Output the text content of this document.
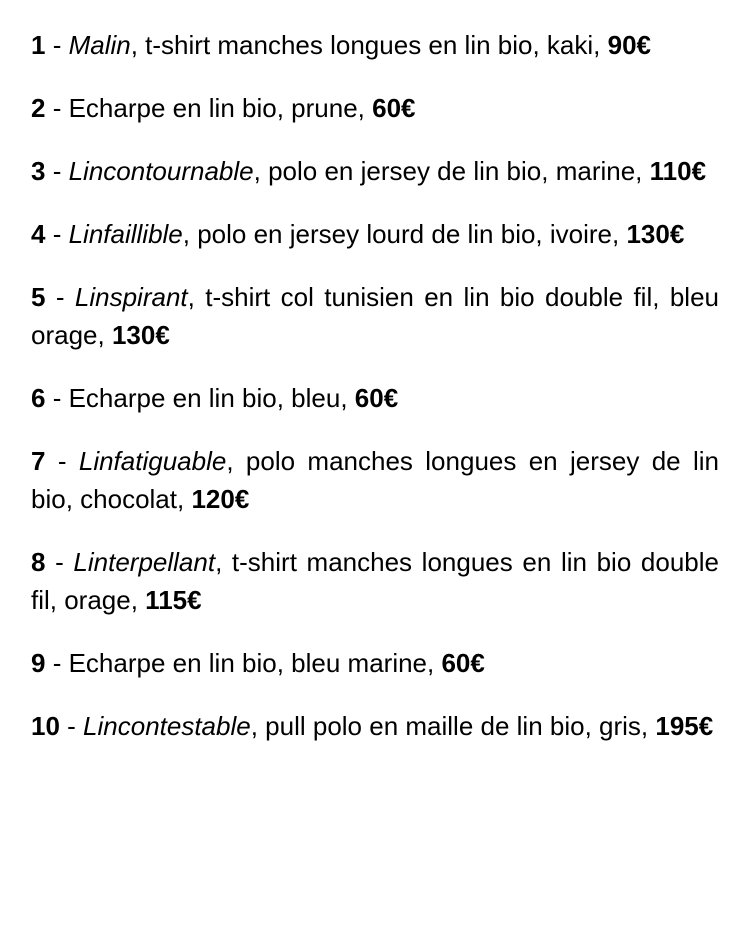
1 - Malin, t-shirt manches longues en lin bio, kaki, 90€

2 - Echarpe en lin bio, prune, 60€

3 - Lincontournable, polo en jersey de lin bio, marine, 110€

4 - Linfaillible, polo en jersey lourd de lin bio, ivoire, 130€

5 - Linspirant, t-shirt col tunisien en lin bio double fil, bleu orage, 130€

6 - Echarpe en lin bio, bleu, 60€

7 - Linfatiguable, polo manches longues en jersey de lin bio, chocolat, 120€

8 - Linterpellant, t-shirt manches longues en lin bio double fil, orage, 115€

9 - Echarpe en lin bio, bleu marine, 60€

10 - Lincontestable, pull polo en maille de lin bio, gris, 195€
